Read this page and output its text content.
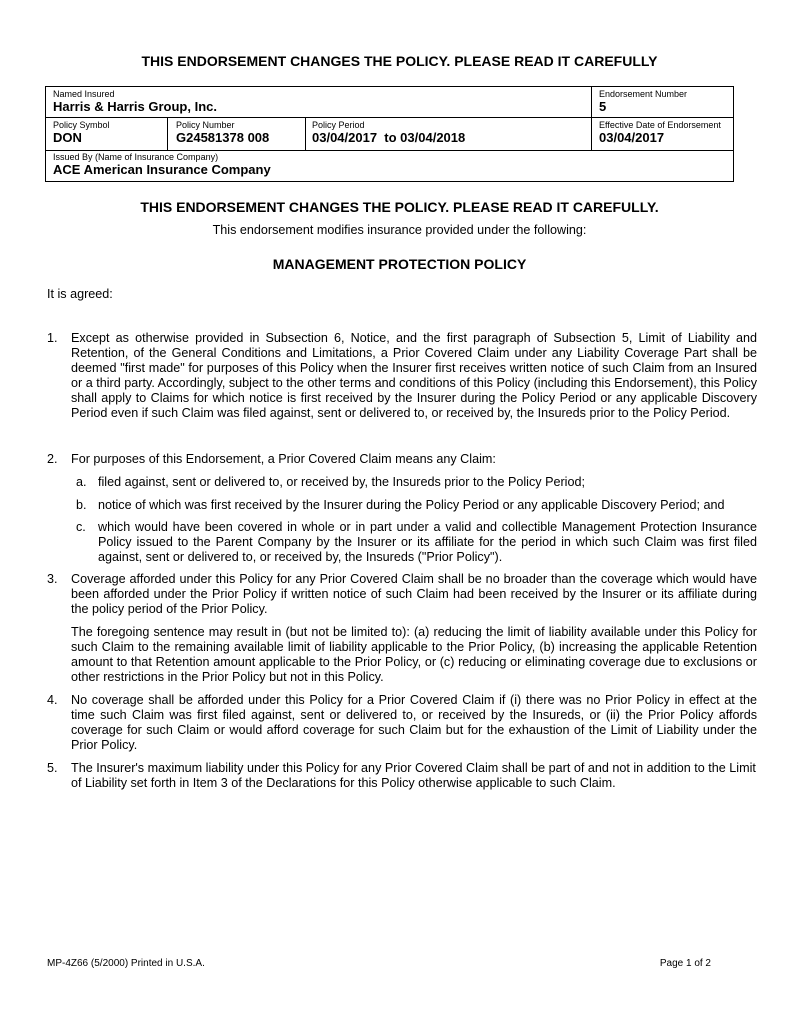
THIS ENDORSEMENT CHANGES THE POLICY. PLEASE READ IT CAREFULLY
Named Insured
Harris & Harris Group, Inc.
Endorsement Number
5
Policy Symbol
DON
Policy Number
G24581378 008
Policy Period
03/04/2017  to 03/04/2018
Effective Date of Endorsement
03/04/2017
Issued By (Name of Insurance Company)
ACE American Insurance Company
THIS ENDORSEMENT CHANGES THE POLICY. PLEASE READ IT CAREFULLY.
This endorsement modifies insurance provided under the following:
MANAGEMENT PROTECTION POLICY
It is agreed:
1. Except as otherwise provided in Subsection 6, Notice, and the first paragraph of Subsection 5, Limit of Liability and Retention, of the General Conditions and Limitations, a Prior Covered Claim under any Liability Coverage Part shall be deemed "first made" for purposes of this Policy when the Insurer first receives written notice of such Claim from an Insured or a third party. Accordingly, subject to the other terms and conditions of this Policy (including this Endorsement), this Policy shall apply to Claims for which notice is first received by the Insurer during the Policy Period or any applicable Discovery Period even if such Claim was filed against, sent or delivered to, or received by, the Insureds prior to the Policy Period.
2. For purposes of this Endorsement, a Prior Covered Claim means any Claim:
a. filed against, sent or delivered to, or received by, the Insureds prior to the Policy Period;
b. notice of which was first received by the Insurer during the Policy Period or any applicable Discovery Period; and
c. which would have been covered in whole or in part under a valid and collectible Management Protection Insurance Policy issued to the Parent Company by the Insurer or its affiliate for the period in which such Claim was first filed against, sent or delivered to, or received by, the Insureds ("Prior Policy").
3. Coverage afforded under this Policy for any Prior Covered Claim shall be no broader than the coverage which would have been afforded under the Prior Policy if written notice of such Claim had been received by the Insurer or its affiliate during the policy period of the Prior Policy.
The foregoing sentence may result in (but not be limited to): (a) reducing the limit of liability available under this Policy for such Claim to the remaining available limit of liability applicable to the Prior Policy, (b) increasing the applicable Retention amount to that Retention amount applicable to the Prior Policy, or (c) reducing or eliminating coverage due to exclusions or other restrictions in the Prior Policy but not in this Policy.
4. No coverage shall be afforded under this Policy for a Prior Covered Claim if (i) there was no Prior Policy in effect at the time such Claim was first filed against, sent or delivered to, or received by the Insureds, or (ii) the Prior Policy affords coverage for such Claim or would afford coverage for such Claim but for the exhaustion of the Limit of Liability under the Prior Policy.
5. The Insurer's maximum liability under this Policy for any Prior Covered Claim shall be part of and not in addition to the Limit of Liability set forth in Item 3 of the Declarations for this Policy otherwise applicable to such Claim.
MP-4Z66 (5/2000) Printed in U.S.A.	Page 1 of 2
